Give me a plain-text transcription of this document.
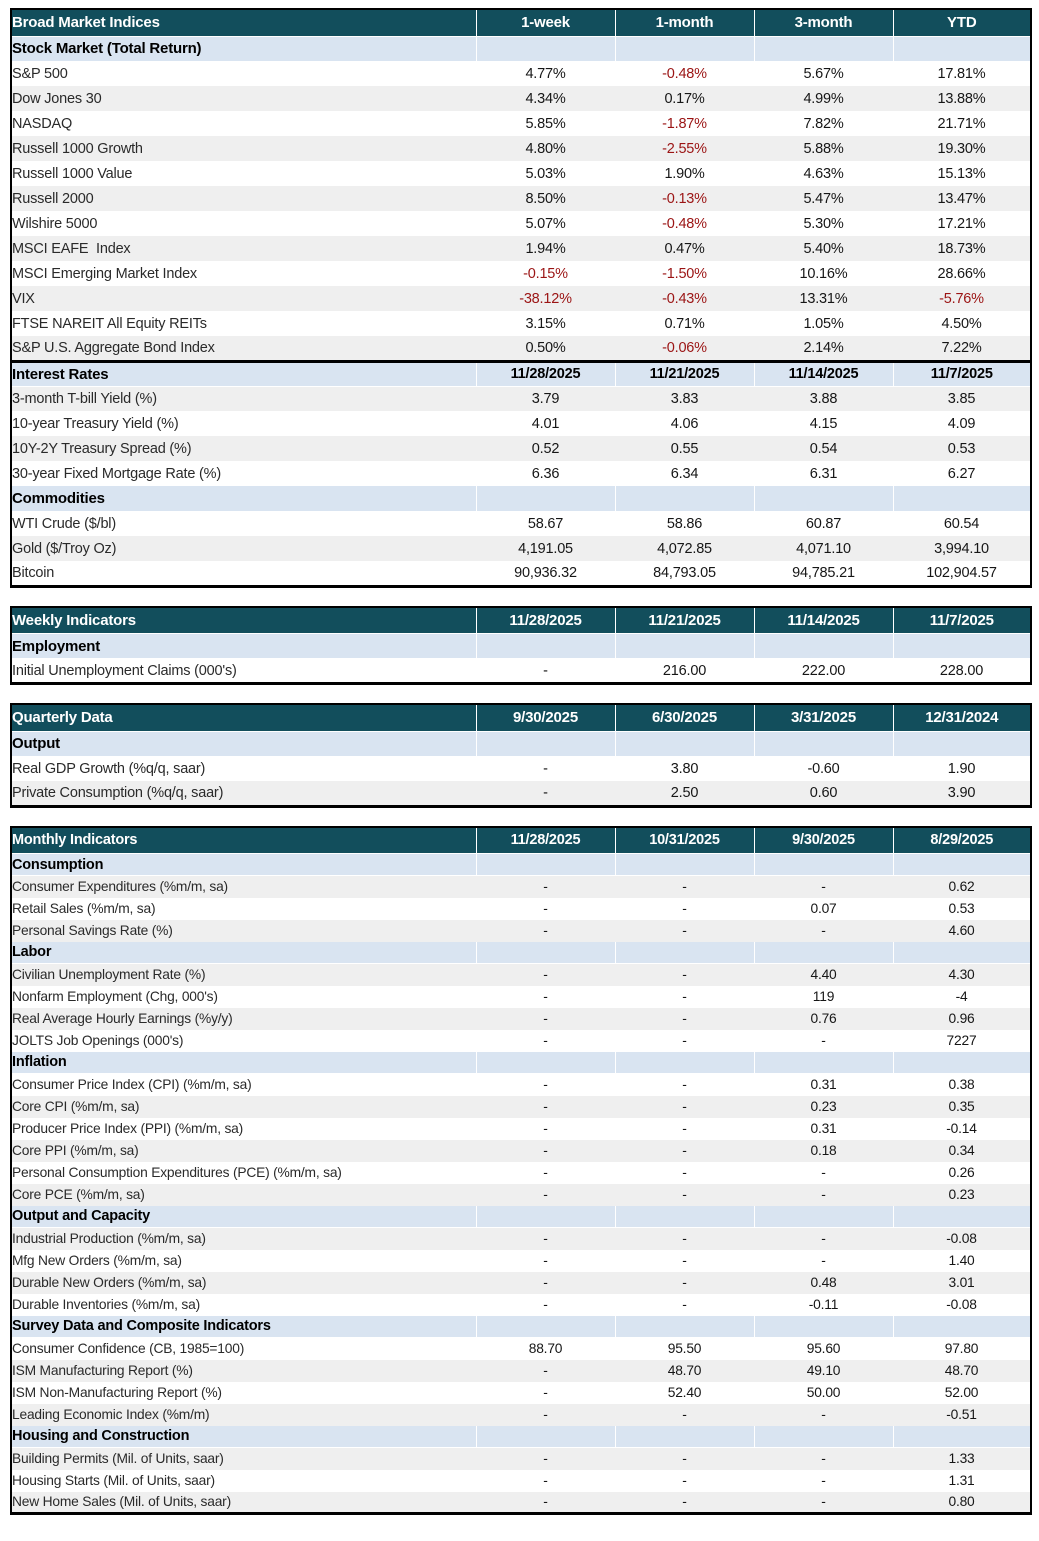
Broad Market Indices	1-week	1-month	3-month	YTD
Stock Market (Total Return)				
S&P 500	4.77%	-0.48%	5.67%	17.81%
Dow Jones 30	4.34%	0.17%	4.99%	13.88%
NASDAQ	5.85%	-1.87%	7.82%	21.71%
Russell 1000 Growth	4.80%	-2.55%	5.88%	19.30%
Russell 1000 Value	5.03%	1.90%	4.63%	15.13%
Russell 2000	8.50%	-0.13%	5.47%	13.47%
Wilshire 5000	5.07%	-0.48%	5.30%	17.21%
MSCI EAFE  Index	1.94%	0.47%	5.40%	18.73%
MSCI Emerging Market Index	-0.15%	-1.50%	10.16%	28.66%
VIX	-38.12%	-0.43%	13.31%	-5.76%
FTSE NAREIT All Equity REITs	3.15%	0.71%	1.05%	4.50%
S&P U.S. Aggregate Bond Index	0.50%	-0.06%	2.14%	7.22%
Interest Rates	11/28/2025	11/21/2025	11/14/2025	11/7/2025
3-month T-bill Yield (%)	3.79	3.83	3.88	3.85
10-year Treasury Yield (%)	4.01	4.06	4.15	4.09
10Y-2Y Treasury Spread (%)	0.52	0.55	0.54	0.53
30-year Fixed Mortgage Rate (%)	6.36	6.34	6.31	6.27
Commodities				
WTI Crude ($/bl)	58.67	58.86	60.87	60.54
Gold ($/Troy Oz)	4,191.05	4,072.85	4,071.10	3,994.10
Bitcoin	90,936.32	84,793.05	94,785.21	102,904.57
Weekly Indicators	11/28/2025	11/21/2025	11/14/2025	11/7/2025
Employment				
Initial Unemployment Claims (000's)	-	216.00	222.00	228.00
Quarterly Data	9/30/2025	6/30/2025	3/31/2025	12/31/2024
Output				
Real GDP Growth (%q/q, saar)	-	3.80	-0.60	1.90
Private Consumption (%q/q, saar)	-	2.50	0.60	3.90
Monthly Indicators	11/28/2025	10/31/2025	9/30/2025	8/29/2025
Consumption				
Consumer Expenditures (%m/m, sa)	-	-	-	0.62
Retail Sales (%m/m, sa)	-	-	0.07	0.53
Personal Savings Rate (%)	-	-	-	4.60
Labor				
Civilian Unemployment Rate (%)	-	-	4.40	4.30
Nonfarm Employment (Chg, 000's)	-	-	119	-4
Real Average Hourly Earnings (%y/y)	-	-	0.76	0.96
JOLTS Job Openings (000's)	-	-	-	7227
Inflation				
Consumer Price Index (CPI) (%m/m, sa)	-	-	0.31	0.38
Core CPI (%m/m, sa)	-	-	0.23	0.35
Producer Price Index (PPI) (%m/m, sa)	-	-	0.31	-0.14
Core PPI (%m/m, sa)	-	-	0.18	0.34
Personal Consumption Expenditures (PCE) (%m/m, sa)	-	-	-	0.26
Core PCE (%m/m, sa)	-	-	-	0.23
Output and Capacity				
Industrial Production (%m/m, sa)	-	-	-	-0.08
Mfg New Orders (%m/m, sa)	-	-	-	1.40
Durable New Orders (%m/m, sa)	-	-	0.48	3.01
Durable Inventories (%m/m, sa)	-	-	-0.11	-0.08
Survey Data and Composite Indicators				
Consumer Confidence (CB, 1985=100)	88.70	95.50	95.60	97.80
ISM Manufacturing Report (%)	-	48.70	49.10	48.70
ISM Non-Manufacturing Report (%)	-	52.40	50.00	52.00
Leading Economic Index (%m/m)	-	-	-	-0.51
Housing and Construction				
Building Permits (Mil. of Units, saar)	-	-	-	1.33
Housing Starts (Mil. of Units, saar)	-	-	-	1.31
New Home Sales (Mil. of Units, saar)	-	-	-	0.80
